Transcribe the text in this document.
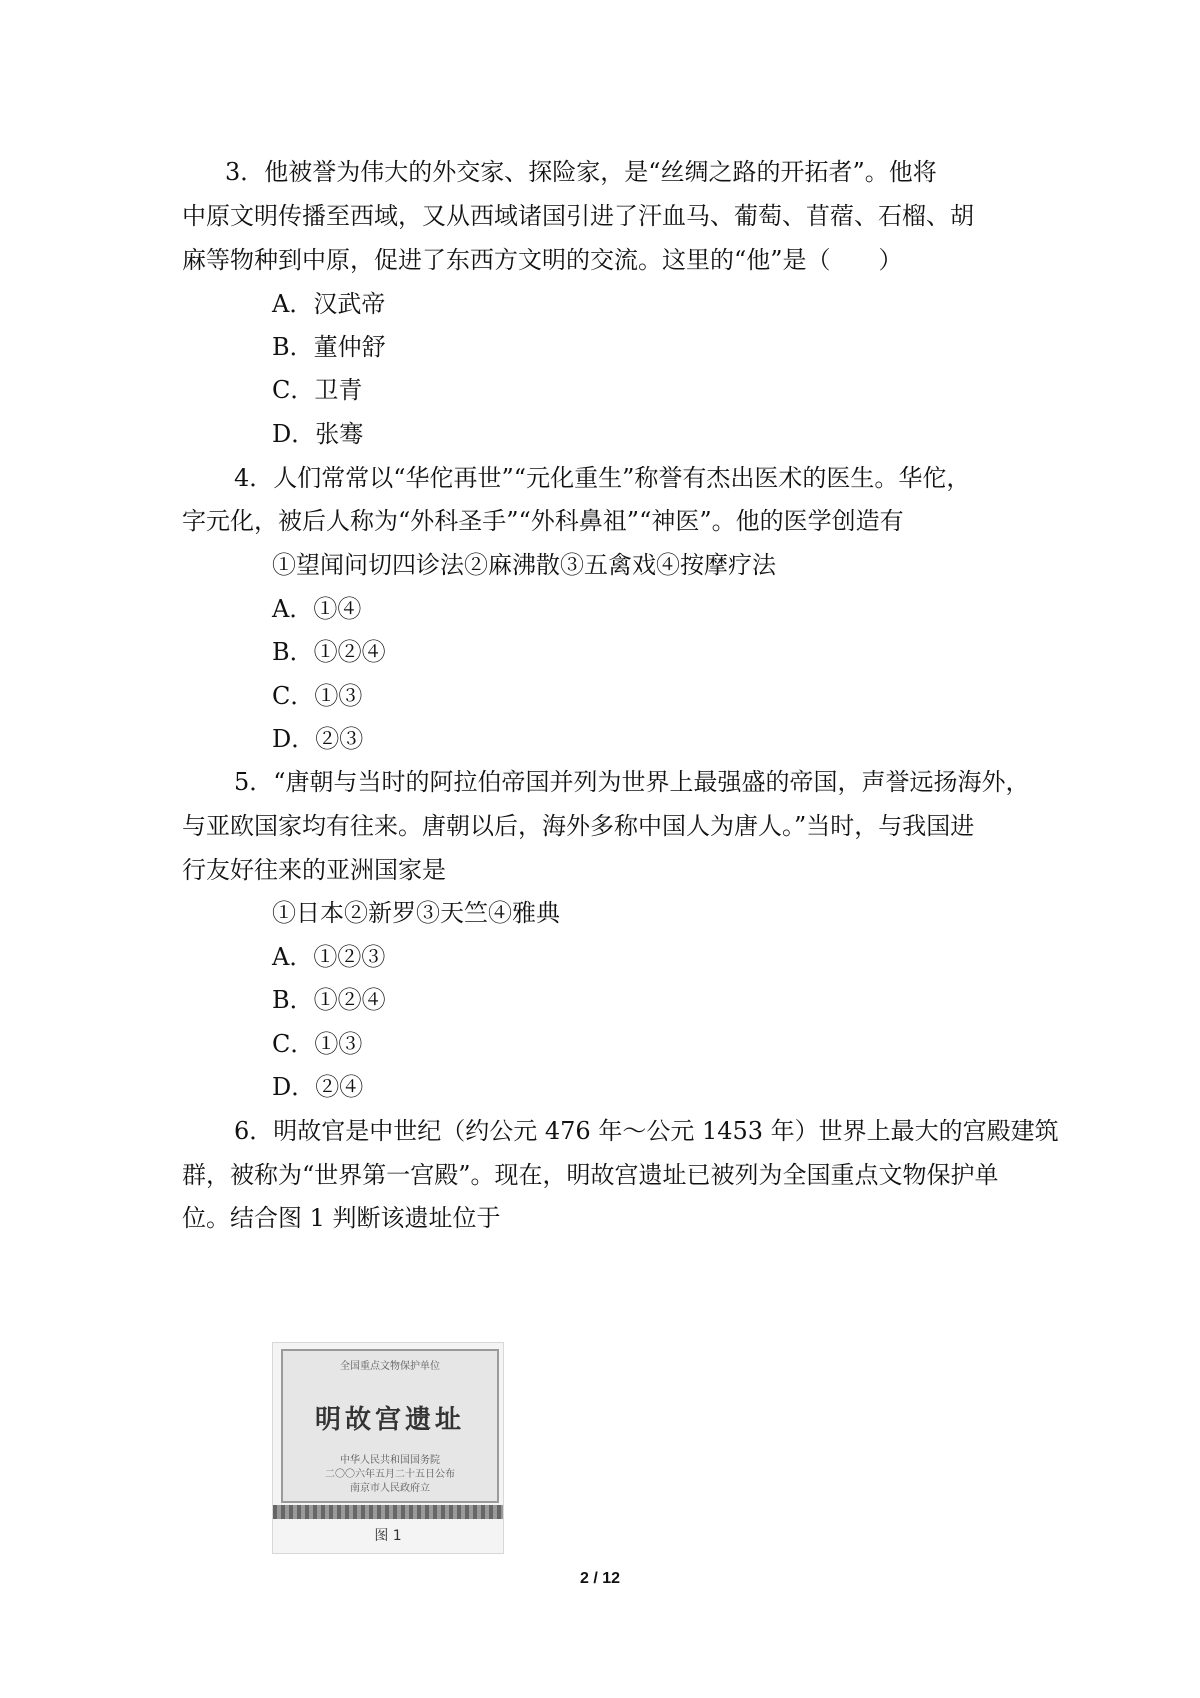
3．他被誉为伟大的外交家、探险家，是“丝绸之路的开拓者”。他将
中原文明传播至西域，又从西域诸国引进了汗血马、葡萄、苜蓿、石榴、胡
麻等物种到中原，促进了东西方文明的交流。这里的“他”是（　　）
A．汉武帝
B．董仲舒
C．卫青
D．张骞
4．人们常常以“华佗再世”“元化重生”称誉有杰出医术的医生。华佗，
字元化，被后人称为“外科圣手”“外科鼻祖”“神医”。他的医学创造有
①望闻问切四诊法②麻沸散③五禽戏④按摩疗法
A．①④
B．①②④
C．①③
D．②③
5．“唐朝与当时的阿拉伯帝国并列为世界上最强盛的帝国，声誉远扬海外，
与亚欧国家均有往来。唐朝以后，海外多称中国人为唐人。”当时，与我国进
行友好往来的亚洲国家是
①日本②新罗③天竺④雅典
A．①②③
B．①②④
C．①③
D．②④
6．明故官是中世纪（约公元 476 年～公元 1453 年）世界上最大的宫殿建筑
群，被称为“世界第一宫殿”。现在，明故宫遗址已被列为全国重点文物保护单
位。结合图 1 判断该遗址位于
全国重点文物保护单位
明故宫遗址
中华人民共和国国务院
二〇〇六年五月二十五日公布
南京市人民政府立
图 1
2 / 12
